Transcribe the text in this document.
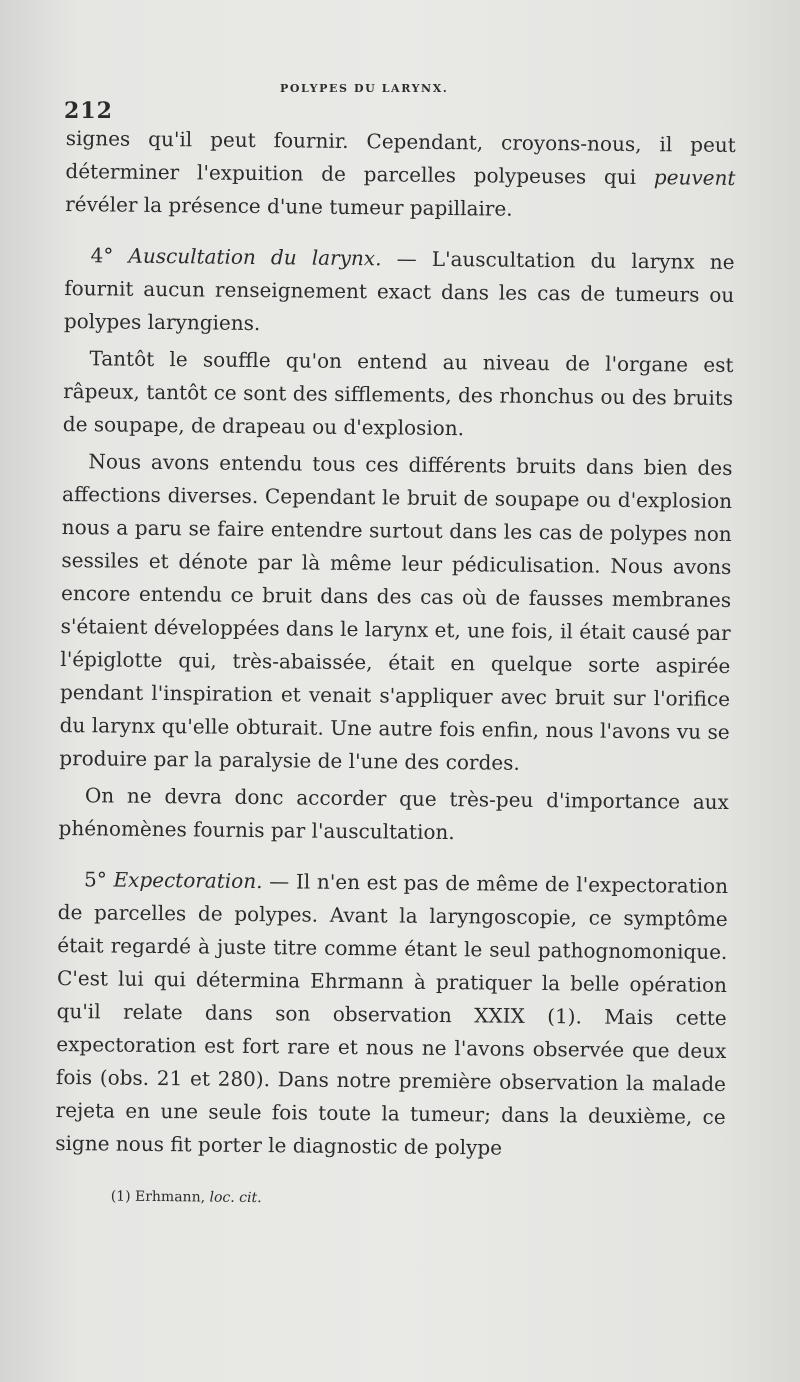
212
POLYPES DU LARYNX.

signes qu'il peut fournir. Cependant, croyons-nous, il peut déterminer l'expuition de parcelles polypeuses qui peuvent révéler la présence d'une tumeur papillaire.

4° Auscultation du larynx. — L'auscultation du larynx ne fournit aucun renseignement exact dans les cas de tumeurs ou polypes laryngiens.

Tantôt le souffle qu'on entend au niveau de l'organe est râpeux, tantôt ce sont des sifflements, des rhonchus ou des bruits de soupape, de drapeau ou d'explosion.

Nous avons entendu tous ces différents bruits dans bien des affections diverses. Cependant le bruit de soupape ou d'explosion nous a paru se faire entendre surtout dans les cas de polypes non sessiles et dénote par là même leur pédiculisation. Nous avons encore entendu ce bruit dans des cas où de fausses membranes s'étaient développées dans le larynx et, une fois, il était causé par l'épiglotte qui, très-abaissée, était en quelque sorte aspirée pendant l'inspiration et venait s'appliquer avec bruit sur l'orifice du larynx qu'elle obturait. Une autre fois enfin, nous l'avons vu se produire par la paralysie de l'une des cordes.

On ne devra donc accorder que très-peu d'importance aux phénomènes fournis par l'auscultation.

5° Expectoration. — Il n'en est pas de même de l'expectoration de parcelles de polypes. Avant la laryngoscopie, ce symptôme était regardé à juste titre comme étant le seul pathognomonique. C'est lui qui détermina Ehrmann à pratiquer la belle opération qu'il relate dans son observation XXIX (1). Mais cette expectoration est fort rare et nous ne l'avons observée que deux fois (obs. 21 et 280). Dans notre première observation la malade rejeta en une seule fois toute la tumeur; dans la deuxième, ce signe nous fit porter le diagnostic de polype

(1) Erhmann, loc. cit.
